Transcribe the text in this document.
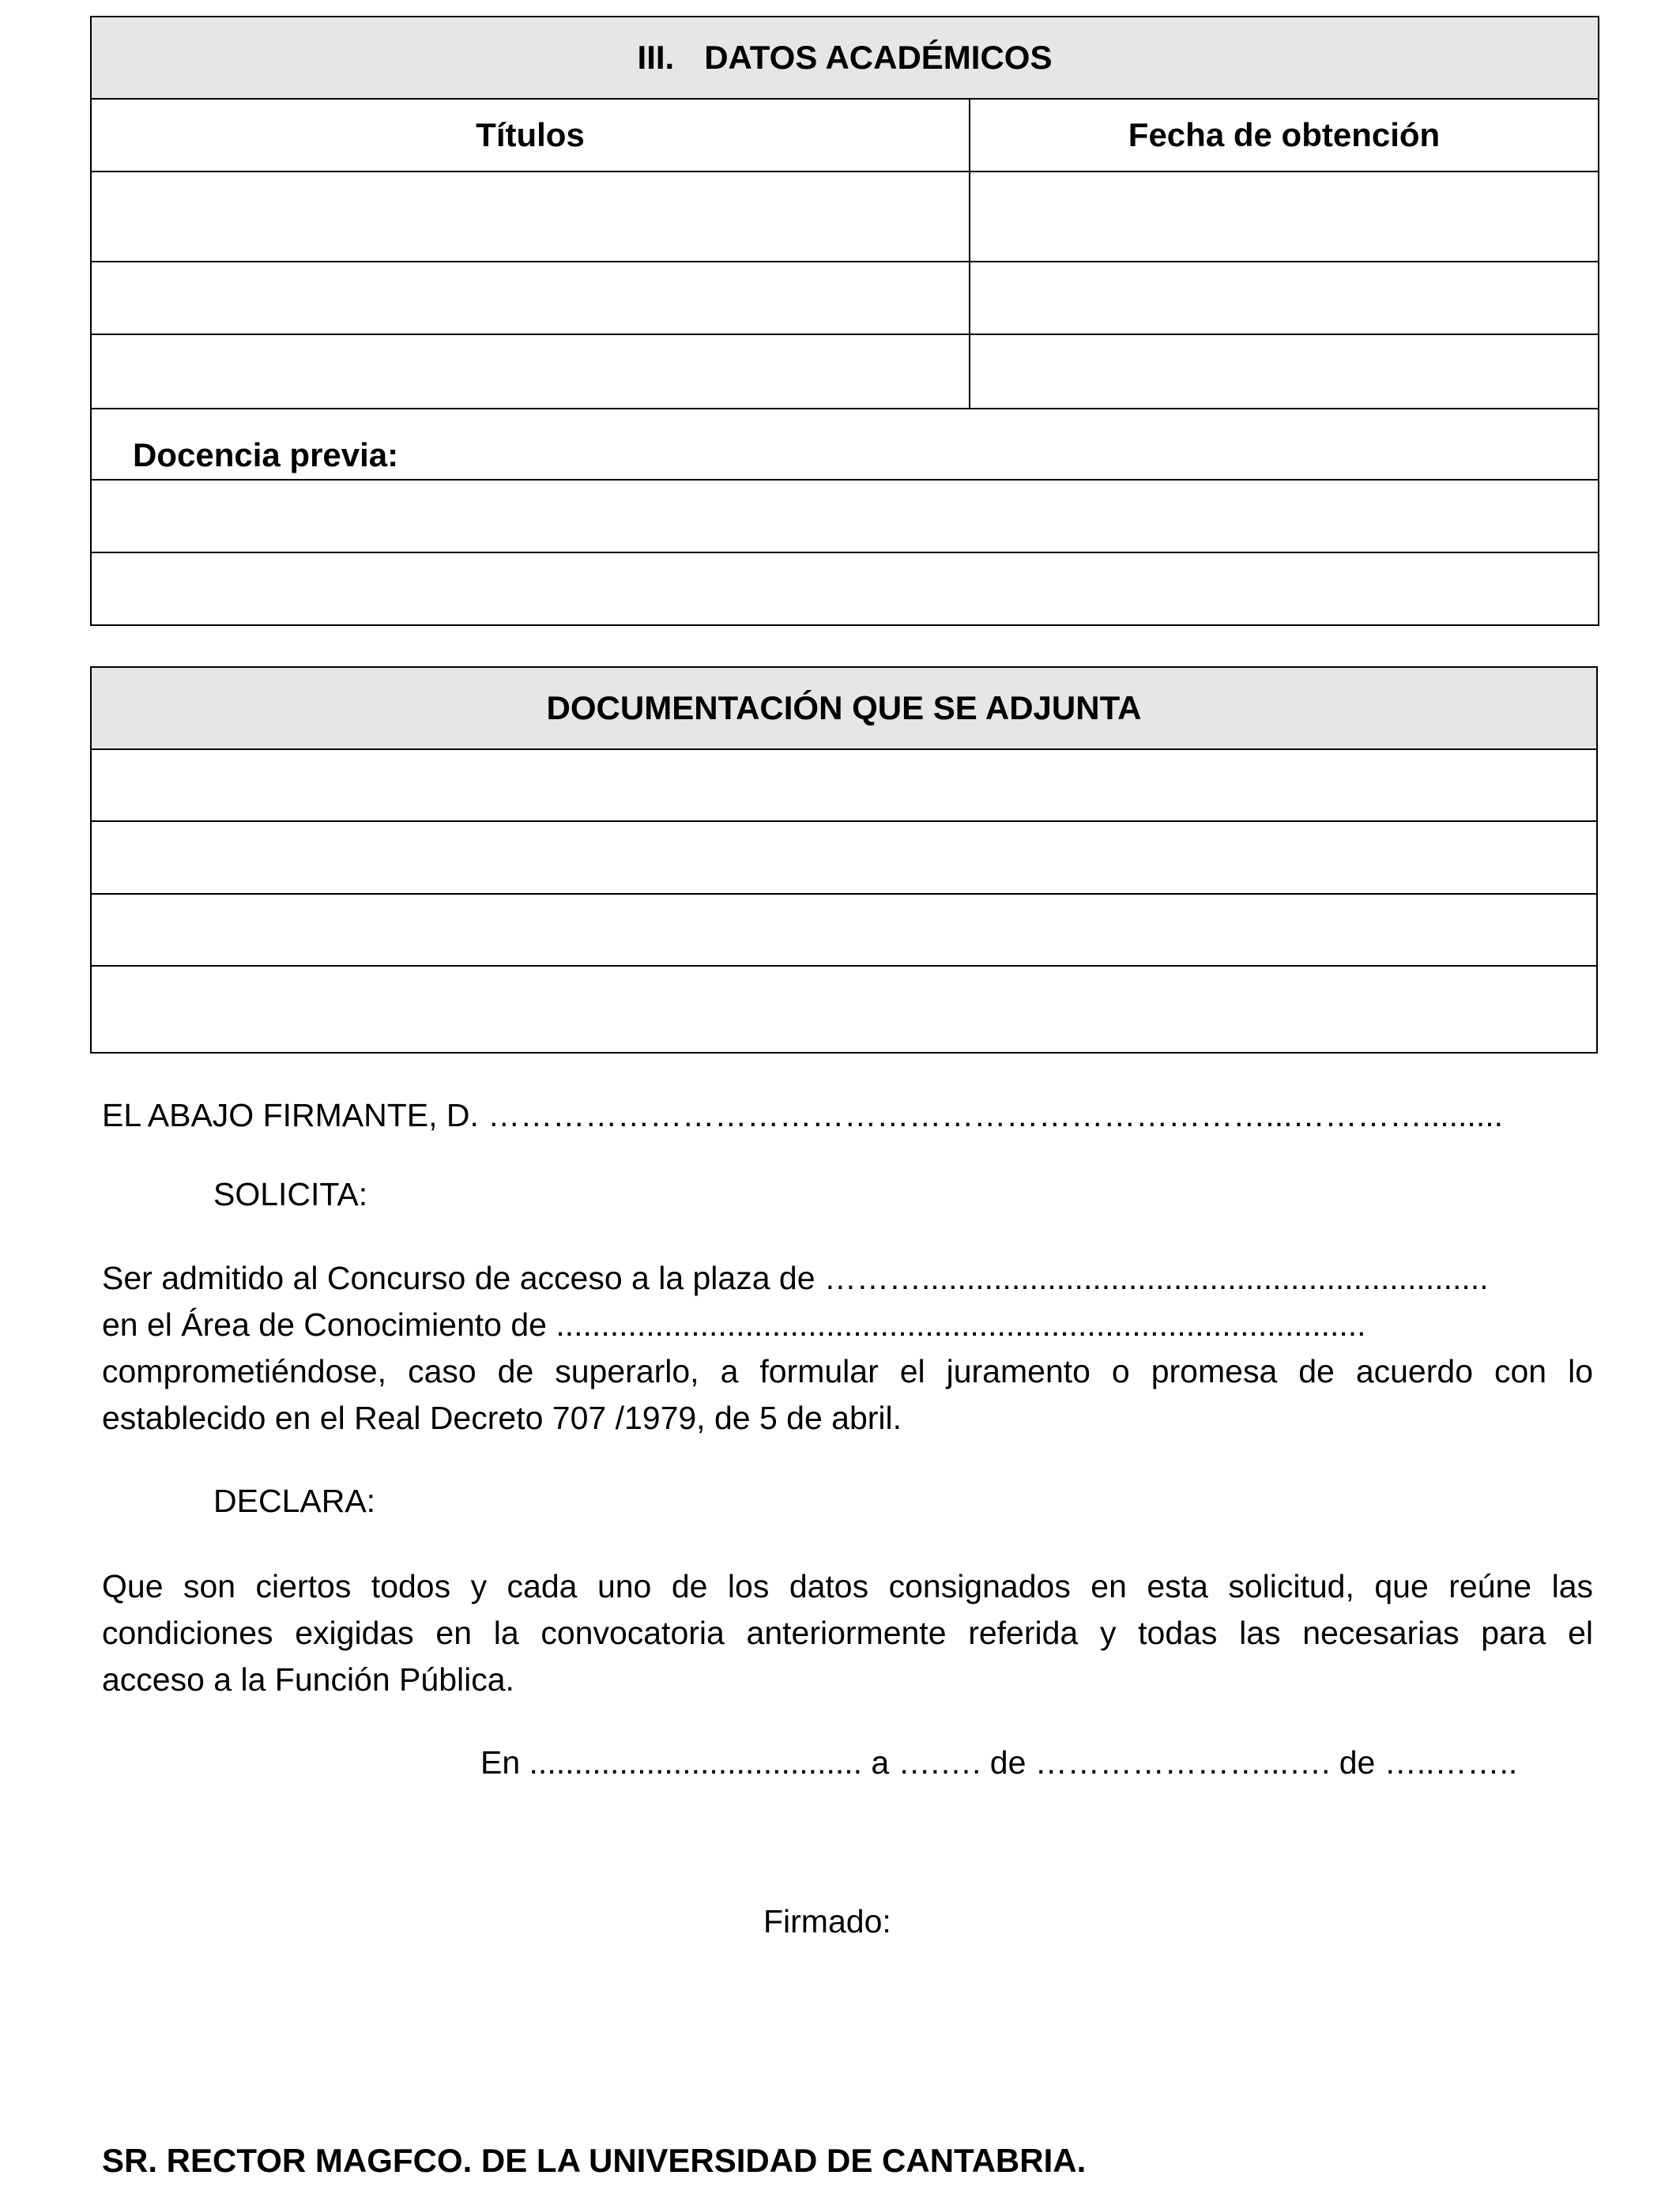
III. DATOS ACADÉMICOS	
Títulos	Fecha de obtención

Docencia previa:	

DOCUMENTACIÓN QUE SE ADJUNTA

EL ABAJO FIRMANTE, D. ………………………………………………………………...………….........
SOLICITA:
Ser admitido al Concurso de acceso a la plaza de ………...............................................................
en el Área de Conocimiento de ..........................................................................................
comprometiéndose, caso de superarlo, a formular el juramento o promesa de acuerdo con lo
establecido en el Real Decreto 707 /1979, de 5 de abril.
DECLARA:
Que son ciertos todos y cada uno de los datos consignados en esta solicitud, que reúne las
condiciones exigidas en la convocatoria anteriormente referida y todas las necesarias para el
acceso a la Función Pública.
En ..................................... a ….…. de …………………...…. de …..……..
Firmado:
SR. RECTOR MAGFCO. DE LA UNIVERSIDAD DE CANTABRIA.
